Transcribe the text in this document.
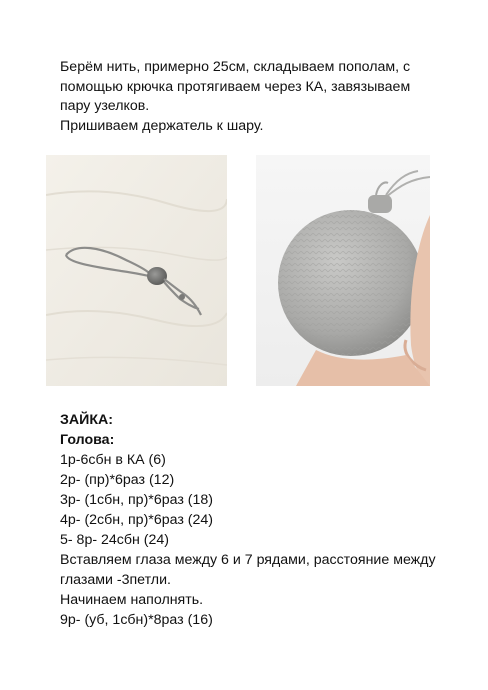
Берём нить, примерно 25см, складываем пополам, с помощью крючка протягиваем через КА, завязываем пару узелков.

Пришиваем держатель к шару.

ЗАЙКА:

Голова:

1р-6сбн в КА (6)

2р- (пр)*6раз (12)

3р- (1сбн, пр)*6раз (18)

4р- (2сбн, пр)*6раз (24)

5- 8р- 24сбн (24)

Вставляем глаза между 6 и 7 рядами, расстояние между глазами -3петли.

Начинаем наполнять.

9р- (уб, 1сбн)*8раз (16)
